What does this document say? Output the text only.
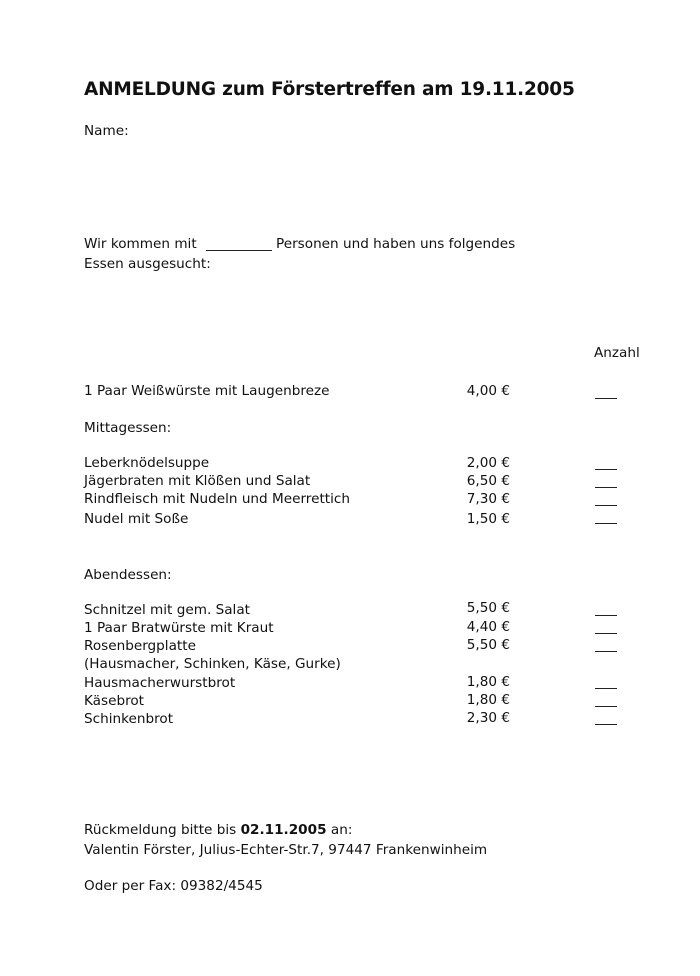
ANMELDUNG zum Förstertreffen am 19.11.2005
Name:
Wir kommen mit	Personen und haben uns folgendes
Essen ausgesucht:
Anzahl
1 Paar Weißwürste mit Laugenbreze	4,00 €
Mittagessen:
Leberknödelsuppe	2,00 €
Jägerbraten mit Klößen und Salat	6,50 €
Rindfleisch mit Nudeln und Meerrettich	7,30 €
Nudel mit Soße	1,50 €
Abendessen:
Schnitzel mit gem. Salat	5,50 €
1 Paar Bratwürste mit Kraut	4,40 €
Rosenbergplatte	5,50 €
(Hausmacher, Schinken, Käse, Gurke)
Hausmacherwurstbrot	1,80 €
Käsebrot	1,80 €
Schinkenbrot	2,30 €
Rückmeldung bitte bis 02.11.2005 an:
Valentin Förster, Julius-Echter-Str.7, 97447 Frankenwinheim
Oder per Fax: 09382/4545
